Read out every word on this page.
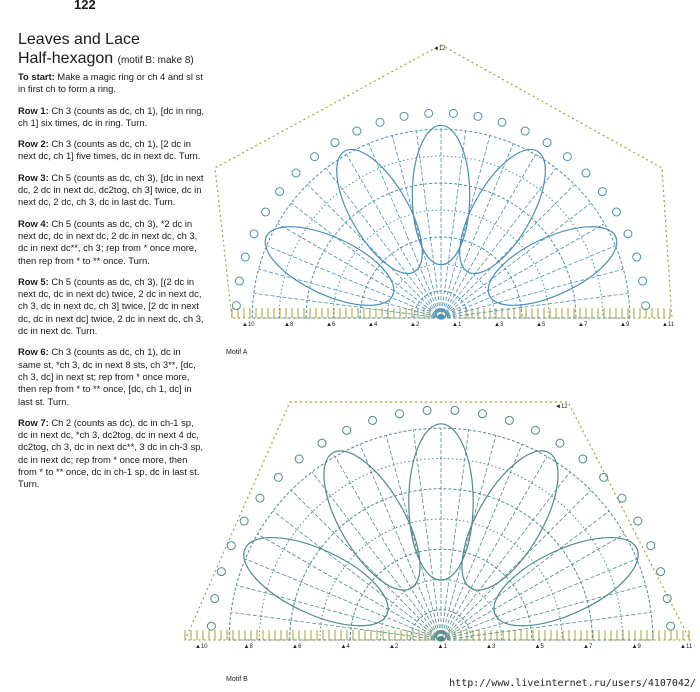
122
Leaves and Lace
Half-hexagon (motif B: make 8)

To start: Make a magic ring or ch 4 and sl st in first ch to form a ring.

Row 1: Ch 3 (counts as dc, ch 1), [dc in ring, ch 1] six times, dc in ring. Turn.

Row 2: Ch 3 (counts as dc, ch 1), [2 dc in next dc, ch 1] five times, dc in next dc. Turn.

Row 3: Ch 5 (counts as dc, ch 3), [dc in next dc, 2 dc in next dc, dc2tog, ch 3] twice, dc in next dc, 2 dc, ch 3, dc in last dc. Turn.

Row 4: Ch 5 (counts as dc, ch 3), *2 dc in next dc, dc in next dc, 2 dc in next dc, ch 3, dc in next dc**, ch 3; rep from * once more, then rep from * to ** once. Turn.

Row 5: Ch 5 (counts as dc, ch 3), [(2 dc in next dc, dc in next dc) twice, 2 dc in next dc, ch 3, dc in next dc, ch 3] twice, [2 dc in next dc, dc in next dc] twice, 2 dc in next dc, ch 3, dc in next dc. Turn.

Row 6: Ch 3 (counts as dc, ch 1), dc in same st, *ch 3, dc in next 8 sts, ch 3**, [dc, ch 3, dc] in next st; rep from * once more, then rep from * to ** once, [dc, ch 1, dc] in last st. Turn.

Row 7: Ch 2 (counts as dc), dc in ch-1 sp, dc in next dc, *ch 3, dc2tog, dc in next 4 dc, dc2tog, ch 3, dc in next dc**, 3 dc in ch-3 sp, dc in next dc; rep from * once more, then from * to ** once, dc in ch-1 sp, dc in last st. Turn.

▲10	▲8	▲6	▲4	▲2	▲1	▲3	▲5	▲7	▲9	▲11
◄12
▲10	▲8	▲6	▲4	▲2	▲1	▲3	▲5	▲7	▲9	▲11
◄12
Motif A
Motif B	http://www.liveinternet.ru/users/4107042/
